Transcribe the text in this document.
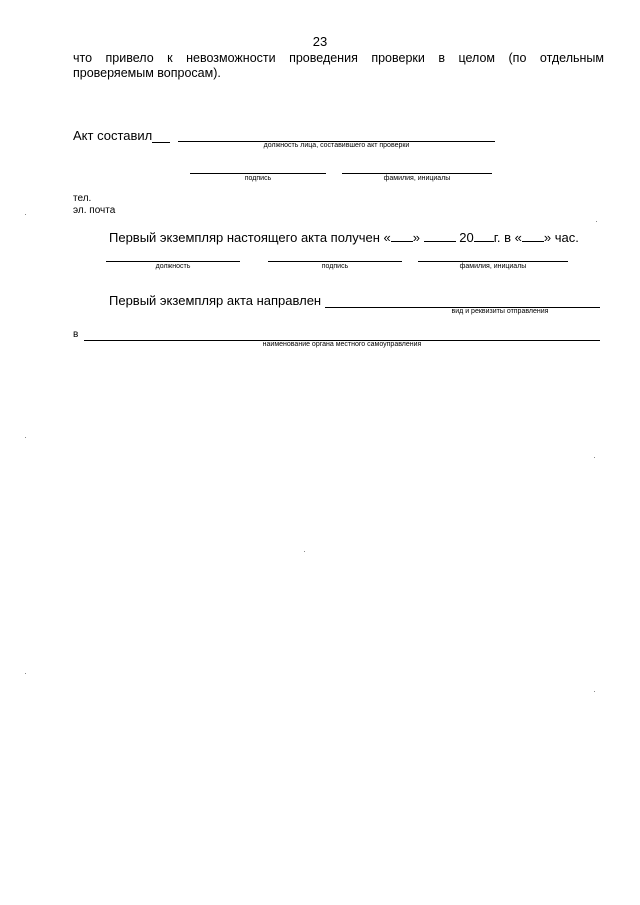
23
что привело к невозможности проведения проверки в целом (по отдельным
проверяемым вопросам).
Акт составил
должность лица, составившего акт проверки
подпись	фамилия, инициалы
тел.
эл. почта
Первый экземпляр настоящего акта получен « »	20 г. в « » час.
должность	подпись	фамилия, инициалы
Первый экземпляр акта направлен
вид и реквизиты отправления
в
наименование органа местного самоуправления
